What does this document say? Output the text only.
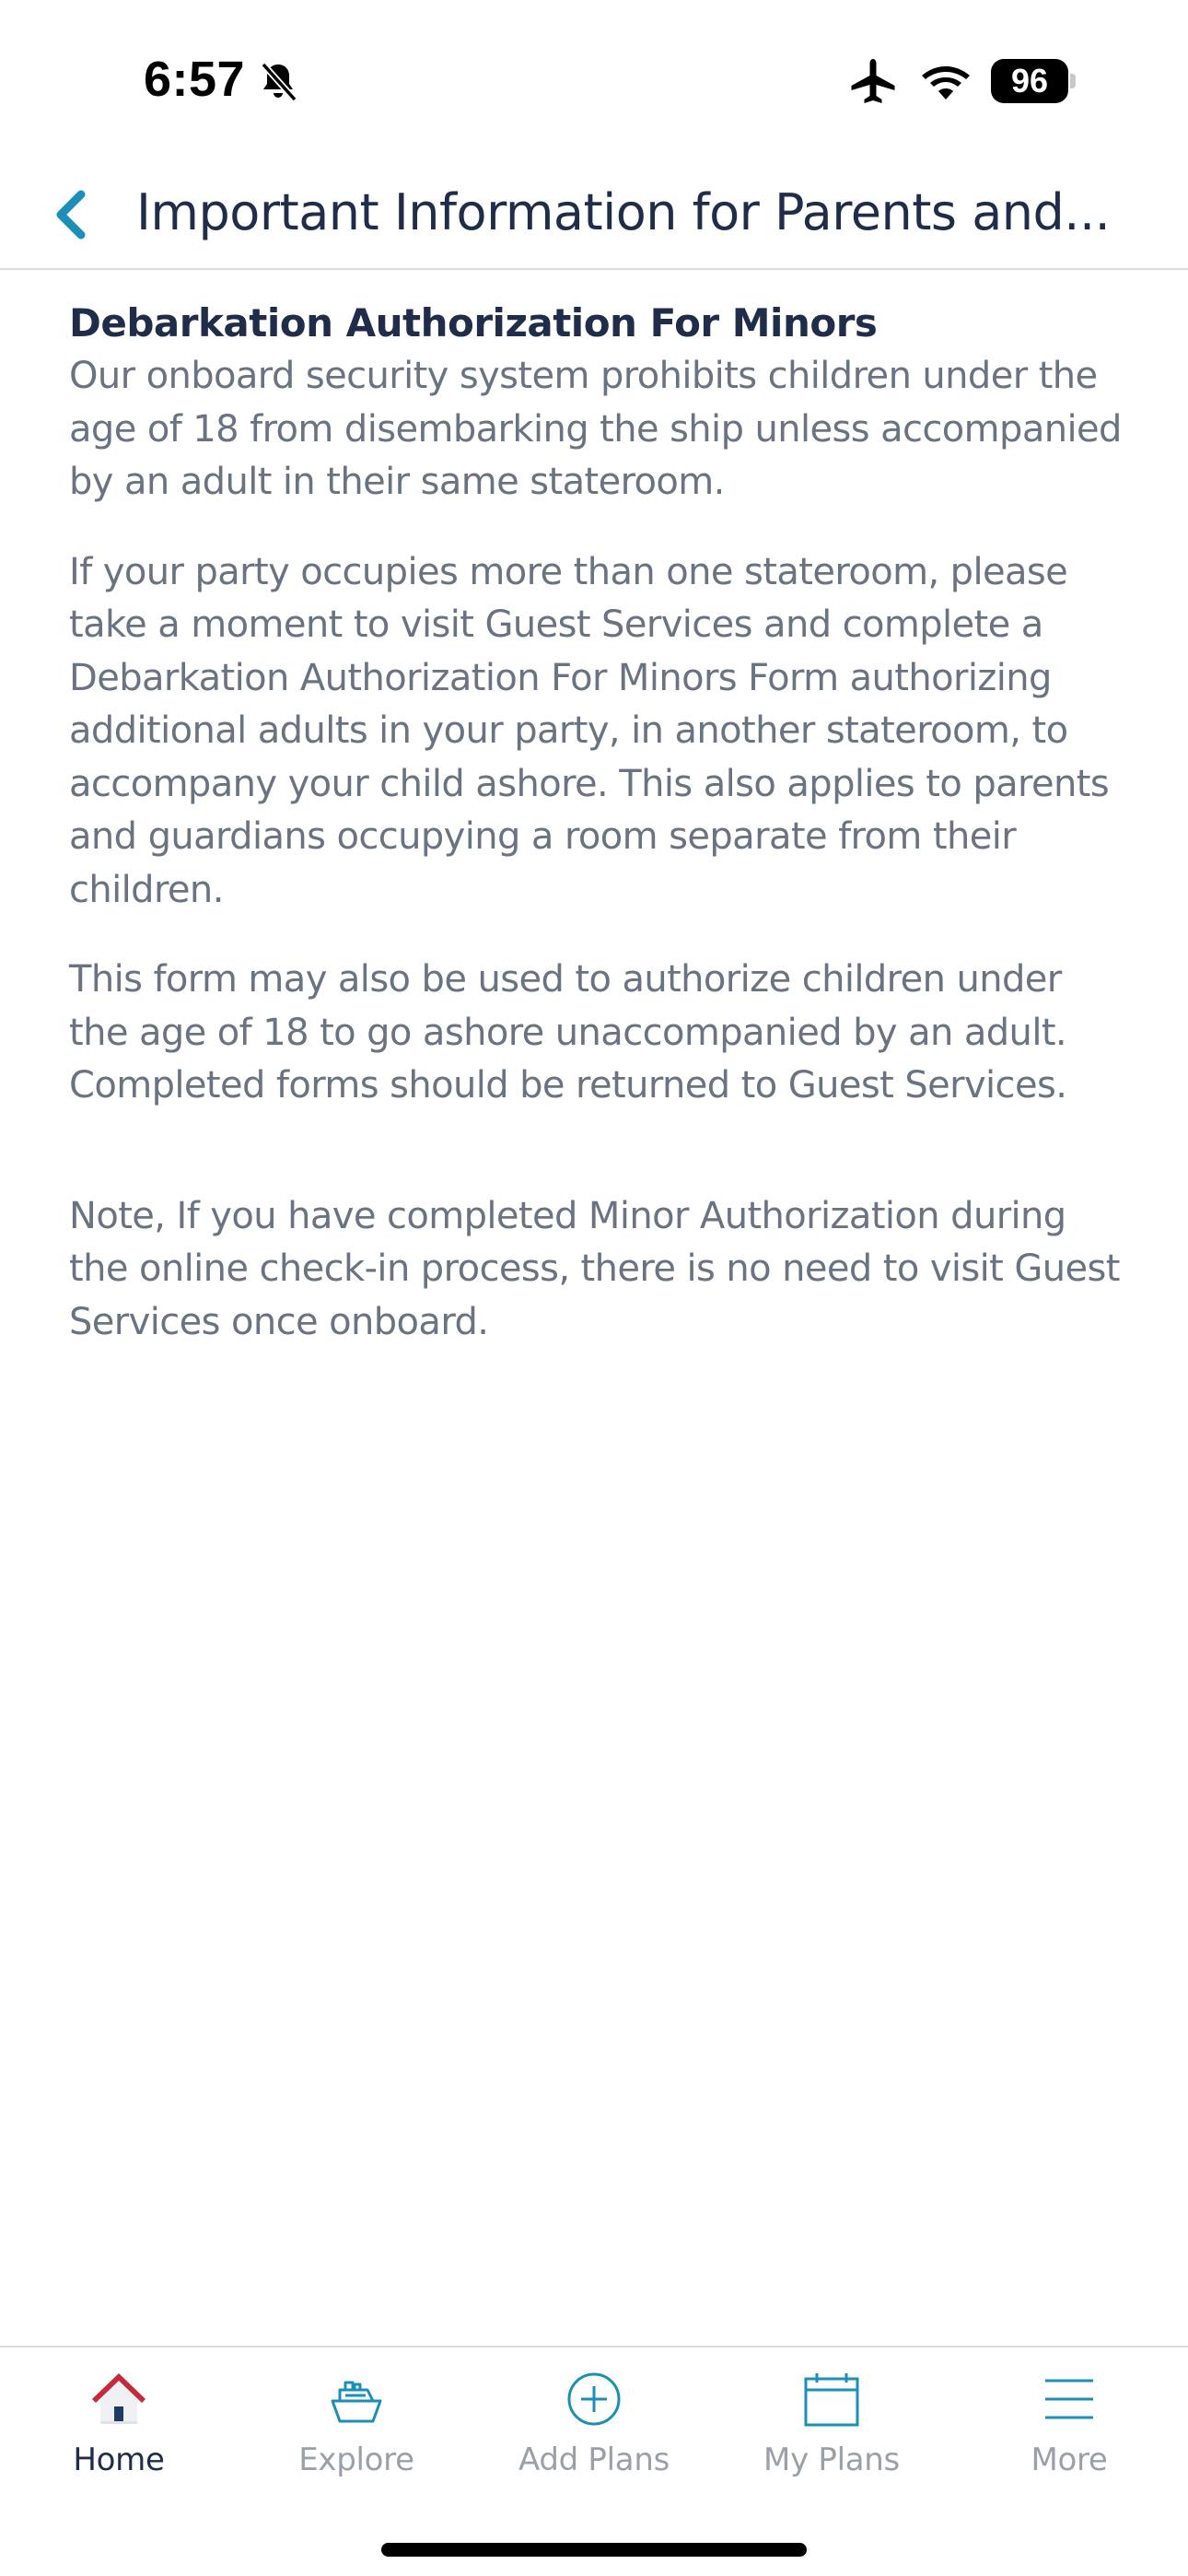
6:57	96
Important Information for Parents and...
Debarkation Authorization For Minors

Our onboard security system prohibits children under the age of 18 from disembarking the ship unless accompanied by an adult in their same stateroom.

If your party occupies more than one stateroom, please take a moment to visit Guest Services and complete a Debarkation Authorization For Minors Form authorizing additional adults in your party, in another stateroom, to accompany your child ashore. This also applies to parents and guardians occupying a room separate from their children.

This form may also be used to authorize children under the age of 18 to go ashore unaccompanied by an adult. Completed forms should be returned to Guest Services.

Note, If you have completed Minor Authorization during the online check-in process, there is no need to visit Guest Services once onboard.

Home	Explore	Add Plans	My Plans	More
